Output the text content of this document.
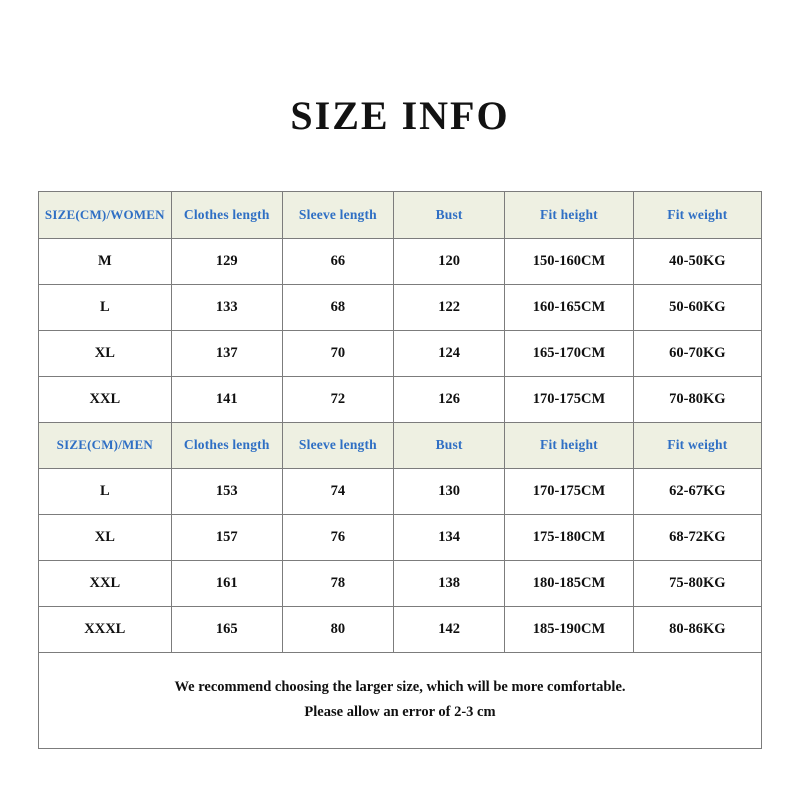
SIZE INFO
SIZE(CM)/WOMEN	Clothes length	Sleeve length	Bust	Fit height	Fit weight
M	129	66	120	150-160CM	40-50KG
L	133	68	122	160-165CM	50-60KG
XL	137	70	124	165-170CM	60-70KG
XXL	141	72	126	170-175CM	70-80KG
SIZE(CM)/MEN	Clothes length	Sleeve length	Bust	Fit height	Fit weight
L	153	74	130	170-175CM	62-67KG
XL	157	76	134	175-180CM	68-72KG
XXL	161	78	138	180-185CM	75-80KG
XXXL	165	80	142	185-190CM	80-86KG

We recommend choosing the larger size, which will be more comfortable.
Please allow an error of 2-3 cm					
